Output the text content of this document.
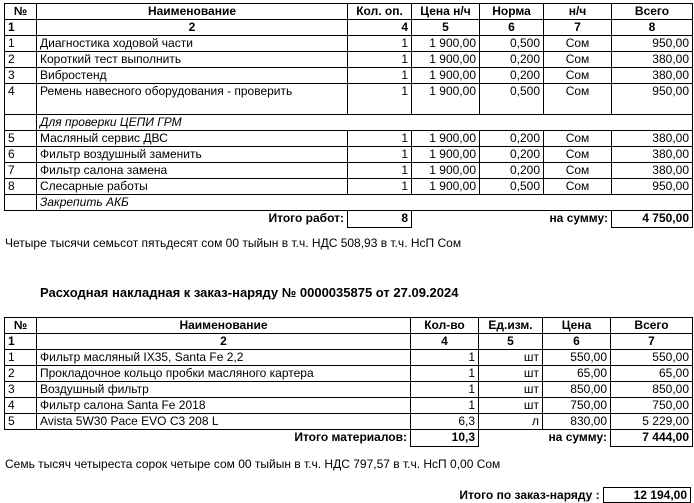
№	Наименование	Кол. оп.	Цена н/ч	Норма	н/ч	Всего
1	2	4	5	6	7	8
1	Диагностика ходовой части	1	1 900,00	0,500	Сом	950,00
2	Короткий тест выполнить	1	1 900,00	0,200	Сом	380,00
3	Вибростенд	1	1 900,00	0,200	Сом	380,00
4	Ремень навесного оборудования - проверить	1	1 900,00	0,500	Сом	950,00
	Для проверки ЦЕПИ ГРМ					
5	Масляный сервис ДВС	1	1 900,00	0,200	Сом	380,00
6	Фильтр воздушный заменить	1	1 900,00	0,200	Сом	380,00
7	Фильтр салона замена	1	1 900,00	0,200	Сом	380,00
8	Слесарные работы	1	1 900,00	0,500	Сом	950,00
	Закрепить АКБ					
	Итого работ:	8		на сумму:		4 750,00
Четыре тысячи семьсот пятьдесят сом 00 тыйын в т.ч. НДС 508,93 в т.ч. НсП Сом
Расходная накладная к заказ-наряду № 0000035875 от 27.09.2024
№	Наименование	Кол-во	Ед.изм.	Цена	Всего
1	2	4	5	6	7
1	Фильтр масляный IX35, Santa Fe 2,2	1	шт	550,00	550,00
2	Прокладочное кольцо пробки масляного картера	1	шт	65,00	65,00
3	Воздушный фильтр	1	шт	850,00	850,00
4	Фильтр салона Santa Fe 2018	1	шт	750,00	750,00
5	Avista 5W30 Pace EVO C3 208 L	6,3	л	830,00	5 229,00
	Итого материалов:	10,3	на сумму:		7 444,00
Семь тысяч четыреста сорок четыре сом 00 тыйын в т.ч. НДС 797,57 в т.ч. НсП 0,00 Сом
Итого по заказ-наряду :	12 194,00
